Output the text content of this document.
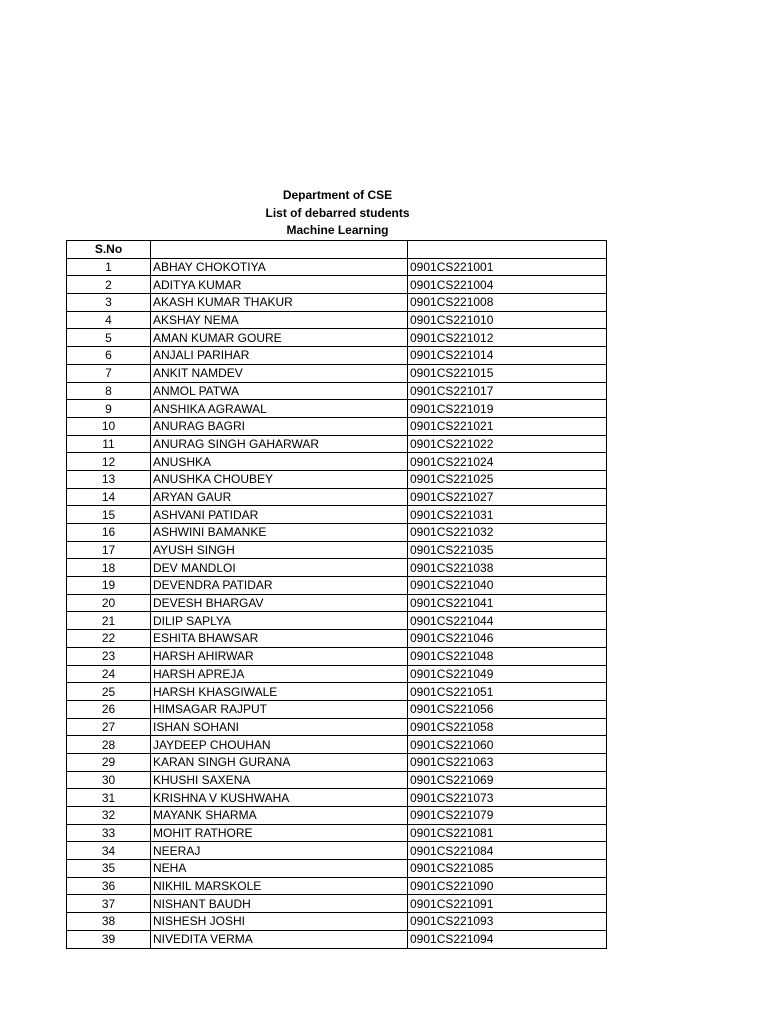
Department of CSE
List of debarred students
Machine Learning
S.No		
1	ABHAY CHOKOTIYA	0901CS221001
2	ADITYA KUMAR	0901CS221004
3	AKASH KUMAR THAKUR	0901CS221008
4	AKSHAY NEMA	0901CS221010
5	AMAN KUMAR GOURE	0901CS221012
6	ANJALI PARIHAR	0901CS221014
7	ANKIT NAMDEV	0901CS221015
8	ANMOL PATWA	0901CS221017
9	ANSHIKA AGRAWAL	0901CS221019
10	ANURAG BAGRI	0901CS221021
11	ANURAG SINGH GAHARWAR	0901CS221022
12	ANUSHKA	0901CS221024
13	ANUSHKA CHOUBEY	0901CS221025
14	ARYAN GAUR	0901CS221027
15	ASHVANI PATIDAR	0901CS221031
16	ASHWINI BAMANKE	0901CS221032
17	AYUSH SINGH	0901CS221035
18	DEV MANDLOI	0901CS221038
19	DEVENDRA PATIDAR	0901CS221040
20	DEVESH BHARGAV	0901CS221041
21	DILIP SAPLYA	0901CS221044
22	ESHITA BHAWSAR	0901CS221046
23	HARSH AHIRWAR	0901CS221048
24	HARSH APREJA	0901CS221049
25	HARSH KHASGIWALE	0901CS221051
26	HIMSAGAR RAJPUT	0901CS221056
27	ISHAN SOHANI	0901CS221058
28	JAYDEEP CHOUHAN	0901CS221060
29	KARAN SINGH GURANA	0901CS221063
30	KHUSHI SAXENA	0901CS221069
31	KRISHNA V KUSHWAHA	0901CS221073
32	MAYANK SHARMA	0901CS221079
33	MOHIT RATHORE	0901CS221081
34	NEERAJ	0901CS221084
35	NEHA	0901CS221085
36	NIKHIL MARSKOLE	0901CS221090
37	NISHANT BAUDH	0901CS221091
38	NISHESH JOSHI	0901CS221093
39	NIVEDITA VERMA	0901CS221094
